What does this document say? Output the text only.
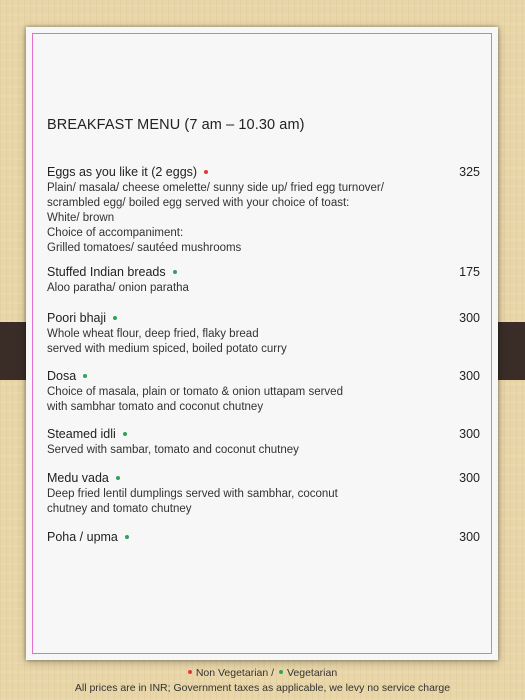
BREAKFAST MENU (7 am – 10.30 am)
Eggs as you like it (2 eggs)	325
Plain/ masala/ cheese omelette/ sunny side up/ fried egg turnover/
scrambled egg/ boiled egg served with your choice of toast:
White/ brown
Choice of accompaniment:
Grilled tomatoes/ sautéed mushrooms
Stuffed Indian breads	175
Aloo paratha/ onion paratha
Poori bhaji	300
Whole wheat flour, deep fried, flaky bread
served with medium spiced, boiled potato curry
Dosa	300
Choice of masala, plain or tomato & onion uttapam served
with sambhar tomato and coconut chutney
Steamed idli	300
Served with sambar, tomato and coconut chutney
Medu vada	300
Deep fried lentil dumplings served with sambhar, coconut
chutney and tomato chutney
Poha / upma	300
Non Vegetarian / Vegetarian
All prices are in INR; Government taxes as applicable, we levy no service charge
